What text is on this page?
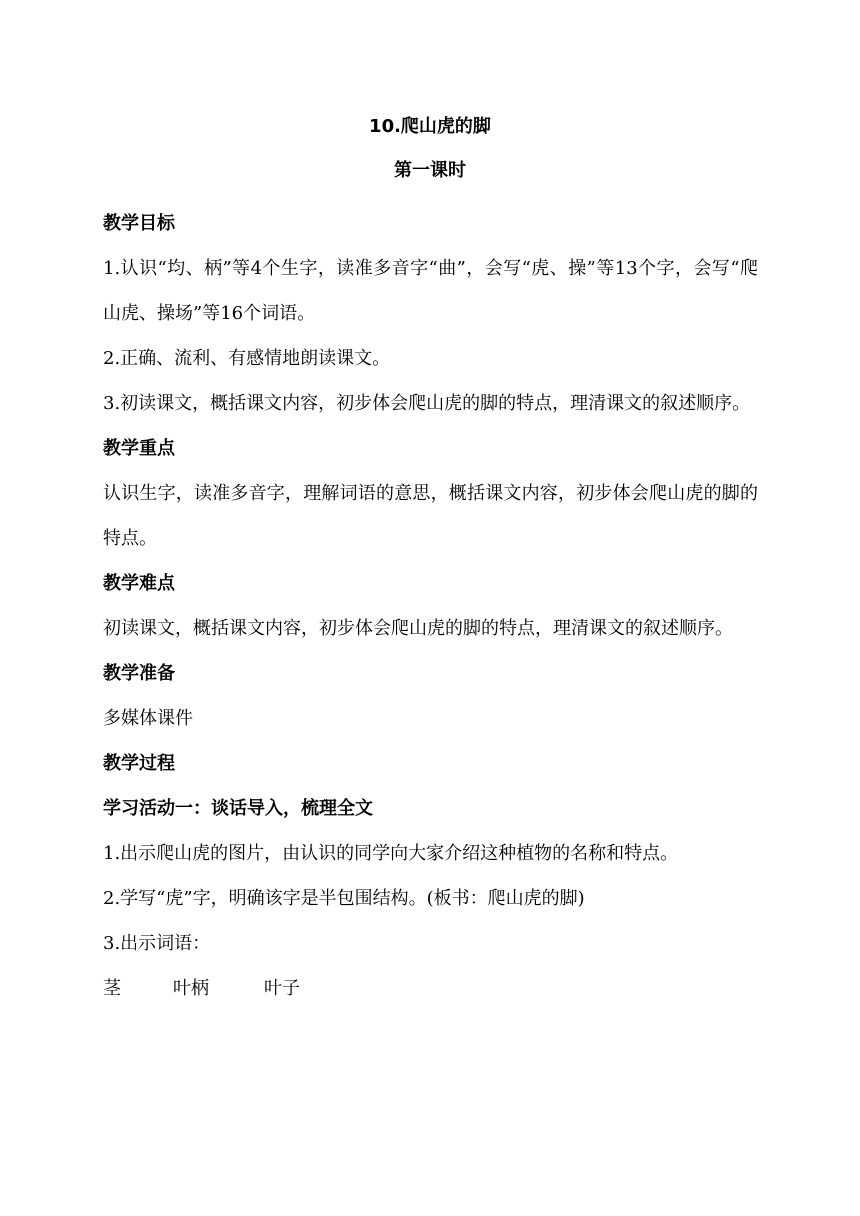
10.爬山虎的脚
第一课时

教学目标

1.认识“均、柄”等4个生字，读准多音字“曲”，会写“虎、操”等13个字，会写“爬山虎、操场”等16个词语。

2.正确、流利、有感情地朗读课文。

3.初读课文，概括课文内容，初步体会爬山虎的脚的特点，理清课文的叙述顺序。

教学重点

认识生字，读准多音字，理解词语的意思，概括课文内容，初步体会爬山虎的脚的特点。

教学难点

初读课文，概括课文内容，初步体会爬山虎的脚的特点，理清课文的叙述顺序。

教学准备

多媒体课件

教学过程

学习活动一：谈话导入，梳理全文

1.出示爬山虎的图片，由认识的同学向大家介绍这种植物的名称和特点。

2.学写“虎”字，明确该字是半包围结构。(板书：爬山虎的脚)

3.出示词语：

茎	叶柄	叶子
